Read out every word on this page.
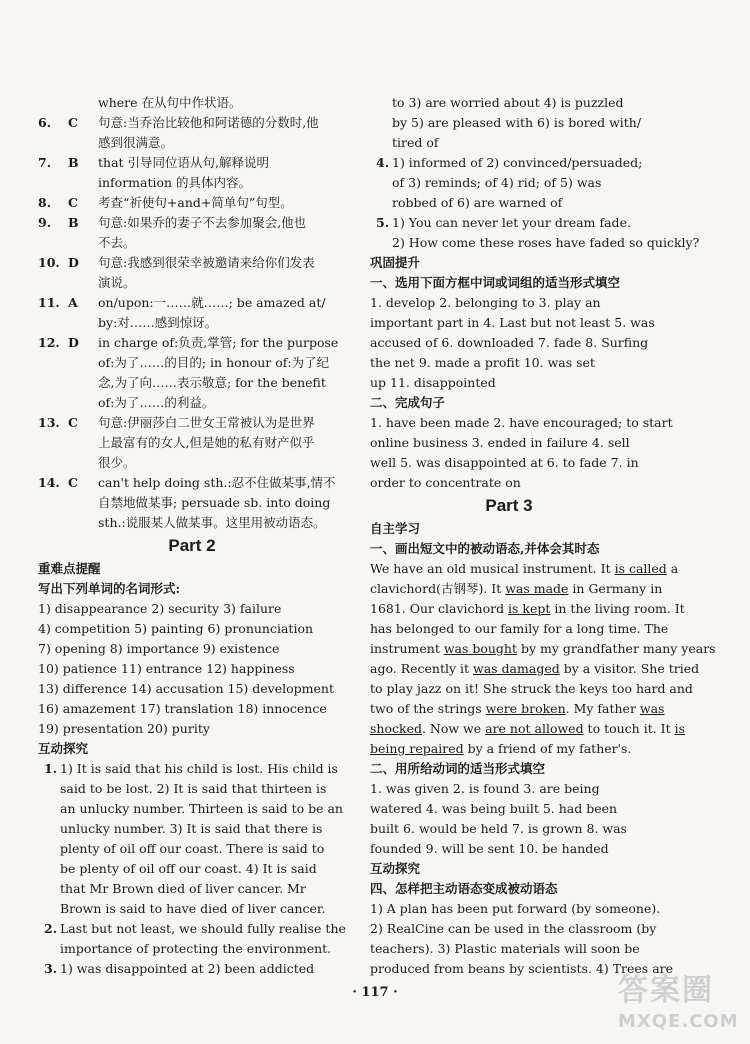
where 在从句中作状语。
6. C 句意:当乔治比较他和阿诺德的分数时,他
感到很满意。
7. B that 引导同位语从句,解释说明
information 的具体内容。
8. C 考查“祈使句+and+简单句”句型。
9. B 句意:如果乔的妻子不去参加聚会,他也
不去。
10. D 句意:我感到很荣幸被邀请来给你们发表
演说。
11. A on/upon:一……就……; be amazed at/
by:对……感到惊讶。
12. D in charge of:负责,掌管; for the purpose
of:为了……的目的; in honour of:为了纪
念,为了向……表示敬意; for the benefit
of:为了……的利益。
13. C 句意:伊丽莎白二世女王常被认为是世界
上最富有的女人,但是她的私有财产似乎
很少。
14. C can't help doing sth.:忍不住做某事,情不
自禁地做某事; persuade sb. into doing
sth.:说服某人做某事。这里用被动语态。
Part 2
重难点提醒
写出下列单词的名词形式:
1) disappearance 2) security 3) failure
4) competition 5) painting 6) pronunciation
7) opening 8) importance 9) existence
10) patience 11) entrance 12) happiness
13) difference 14) accusation 15) development
16) amazement 17) translation 18) innocence
19) presentation 20) purity
互动探究
1. 1) It is said that his child is lost. His child is
said to be lost. 2) It is said that thirteen is
an unlucky number. Thirteen is said to be an
unlucky number. 3) It is said that there is
plenty of oil off our coast. There is said to
be plenty of oil off our coast. 4) It is said
that Mr Brown died of liver cancer. Mr
Brown is said to have died of liver cancer.
2. Last but not least, we should fully realise the
importance of protecting the environment.
3. 1) was disappointed at 2) been addicted
to 3) are worried about 4) is puzzled
by 5) are pleased with 6) is bored with/
tired of
4. 1) informed of 2) convinced/persuaded;
of 3) reminds; of 4) rid; of 5) was
robbed of 6) are warned of
5. 1) You can never let your dream fade.
2) How come these roses have faded so quickly?
巩固提升
一、选用下面方框中词或词组的适当形式填空
1. develop 2. belonging to 3. play an
important part in 4. Last but not least 5. was
accused of 6. downloaded 7. fade 8. Surfing
the net 9. made a profit 10. was set
up 11. disappointed
二、完成句子
1. have been made 2. have encouraged; to start
online business 3. ended in failure 4. sell
well 5. was disappointed at 6. to fade 7. in
order to concentrate on
Part 3
自主学习
一、画出短文中的被动语态,并体会其时态
We have an old musical instrument. It is called a
clavichord(古钢琴). It was made in Germany in
1681. Our clavichord is kept in the living room. It
has belonged to our family for a long time. The
instrument was bought by my grandfather many years
ago. Recently it was damaged by a visitor. She tried
to play jazz on it! She struck the keys too hard and
two of the strings were broken. My father was
shocked. Now we are not allowed to touch it. It is
being repaired by a friend of my father's.
二、用所给动词的适当形式填空
1. was given 2. is found 3. are being
watered 4. was being built 5. had been
built 6. would be held 7. is grown 8. was
founded 9. will be sent 10. be handed
互动探究
四、怎样把主动语态变成被动语态
1) A plan has been put forward (by someone).
2) RealCine can be used in the classroom (by
teachers). 3) Plastic materials will soon be
produced from beans by scientists. 4) Trees are
· 117 ·	答案圈
MXQE.COM
